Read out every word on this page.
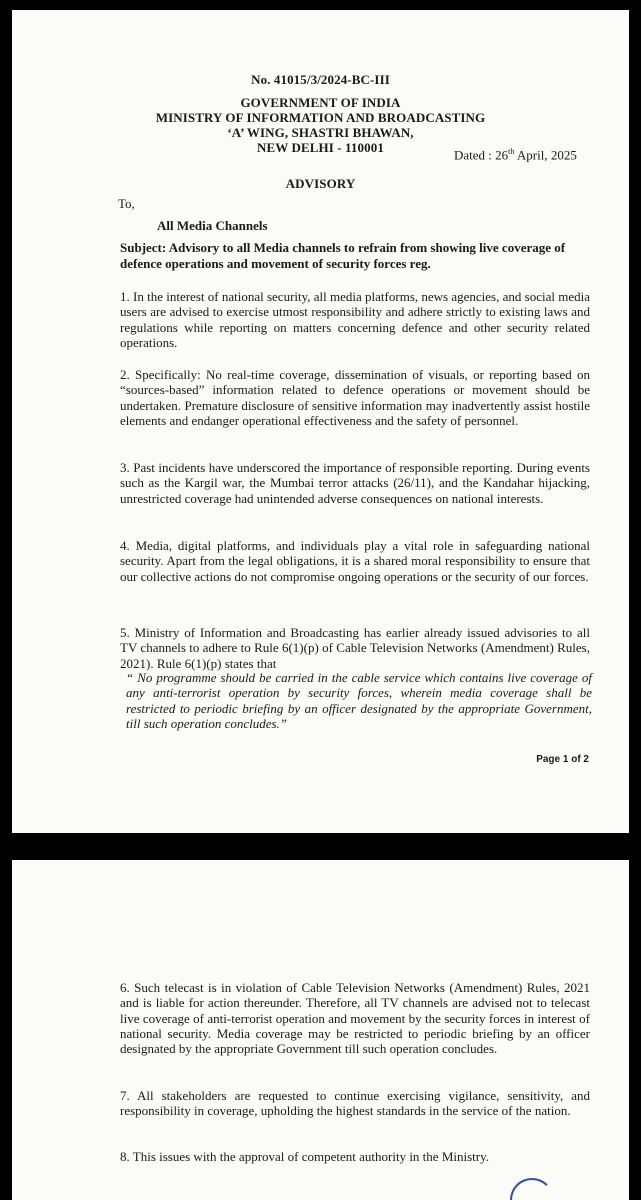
No. 41015/3/2024-BC-III
GOVERNMENT OF INDIA
MINISTRY OF INFORMATION AND BROADCASTING
‘A’ WING, SHASTRI BHAWAN,
NEW DELHI - 110001	Dated : 26th April, 2025
ADVISORY
To,
All Media Channels
Subject: Advisory to all Media channels to refrain from showing live coverage of defence operations and movement of security forces reg.
1. In the interest of national security, all media platforms, news agencies, and social media users are advised to exercise utmost responsibility and adhere strictly to existing laws and regulations while reporting on matters concerning defence and other security related operations.
2. Specifically: No real-time coverage, dissemination of visuals, or reporting based on “sources-based” information related to defence operations or movement should be undertaken. Premature disclosure of sensitive information may inadvertently assist hostile elements and endanger operational effectiveness and the safety of personnel.
3. Past incidents have underscored the importance of responsible reporting. During events such as the Kargil war, the Mumbai terror attacks (26/11), and the Kandahar hijacking, unrestricted coverage had unintended adverse consequences on national interests.
4. Media, digital platforms, and individuals play a vital role in safeguarding national security. Apart from the legal obligations, it is a shared moral responsibility to ensure that our collective actions do not compromise ongoing operations or the security of our forces.
5. Ministry of Information and Broadcasting has earlier already issued advisories to all TV channels to adhere to Rule 6(1)(p) of Cable Television Networks (Amendment) Rules, 2021). Rule 6(1)(p) states that
“ No programme should be carried in the cable service which contains live coverage of any anti-terrorist operation by security forces, wherein media coverage shall be restricted to periodic briefing by an officer designated by the appropriate Government, till such operation concludes.”
Page 1 of 2
6. Such telecast is in violation of Cable Television Networks (Amendment) Rules, 2021 and is liable for action thereunder. Therefore, all TV channels are advised not to telecast live coverage of anti-terrorist operation and movement by the security forces in interest of national security. Media coverage may be restricted to periodic briefing by an officer designated by the appropriate Government till such operation concludes.
7. All stakeholders are requested to continue exercising vigilance, sensitivity, and responsibility in coverage, upholding the highest standards in the service of the nation.
8. This issues with the approval of competent authority in the Ministry.
